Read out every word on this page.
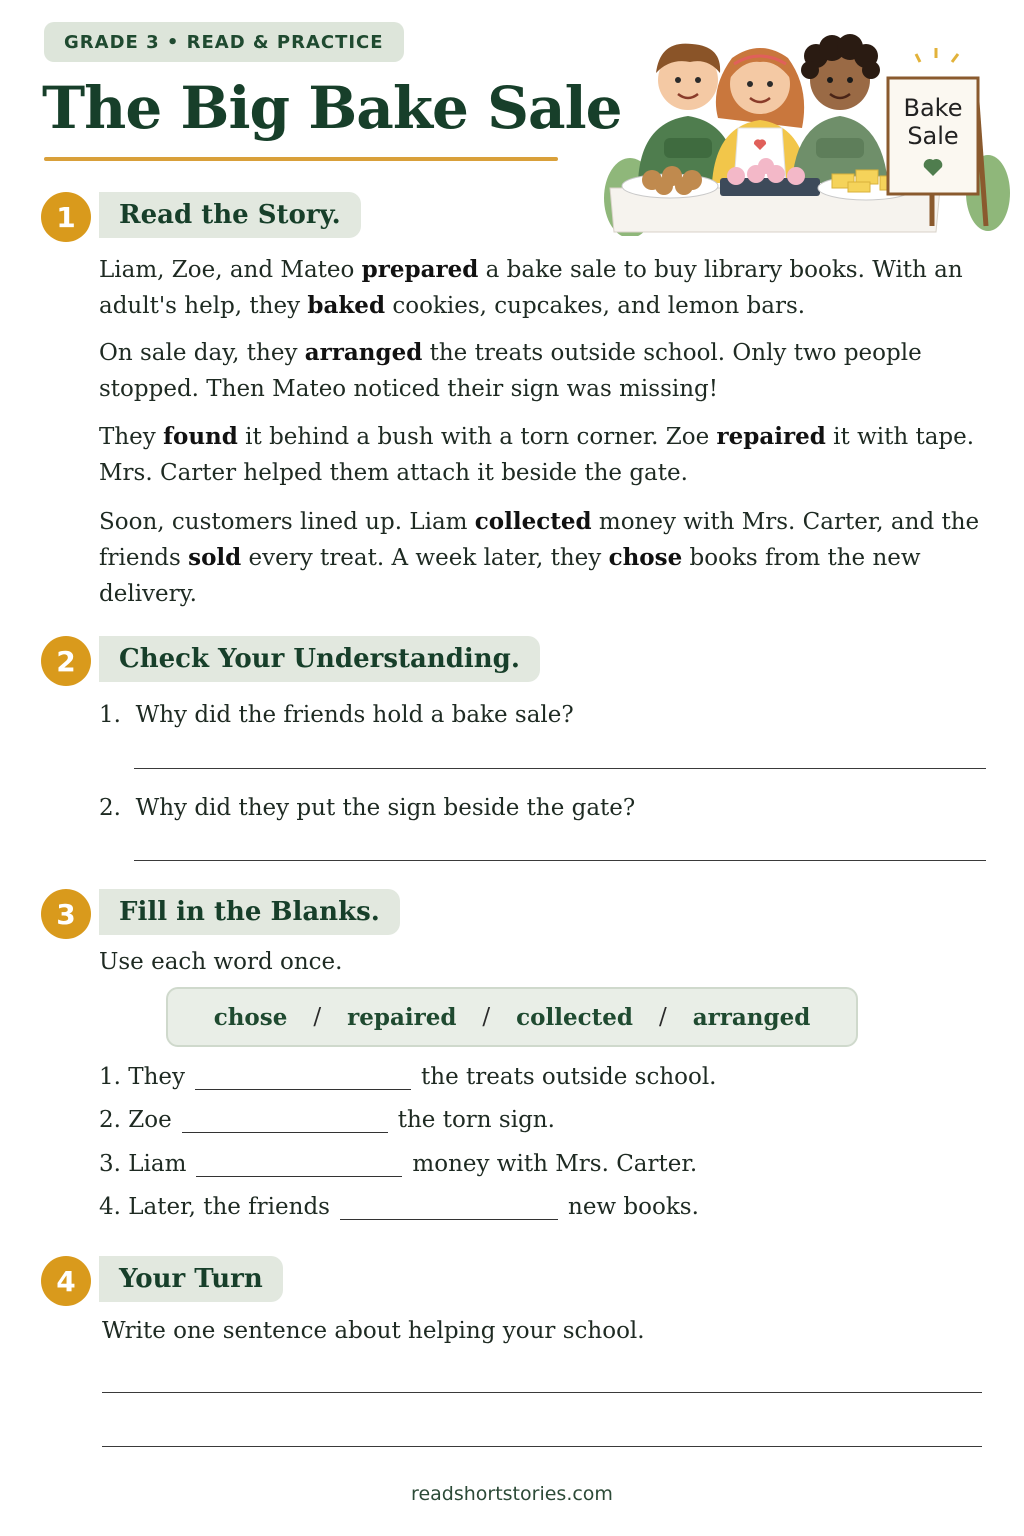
GRADE 3 • READ & PRACTICE
The Big Bake Sale	Bake
Sale
1	Read the Story.

Liam, Zoe, and Mateo prepared a bake sale to buy library books. With an adult's help, they baked cookies, cupcakes, and lemon bars.

On sale day, they arranged the treats outside school. Only two people stopped. Then Mateo noticed their sign was missing!

They found it behind a bush with a torn corner. Zoe repaired it with tape. Mrs. Carter helped them attach it beside the gate.

Soon, customers lined up. Liam collected money with Mrs. Carter, and the friends sold every treat. A week later, they chose books from the new delivery.

2	Check Your Understanding.
1. Why did the friends hold a bake sale?
2. Why did they put the sign beside the gate?
3	Fill in the Blanks.
Use each word once.
chose / repaired / collected / arranged
1.
They	the treats outside school.
2.
Zoe	the torn sign.
3.
Liam	money with Mrs. Carter.
4.
Later, the friends	new books.
4	Your Turn
Write one sentence about helping your school.
readshortstories.com
